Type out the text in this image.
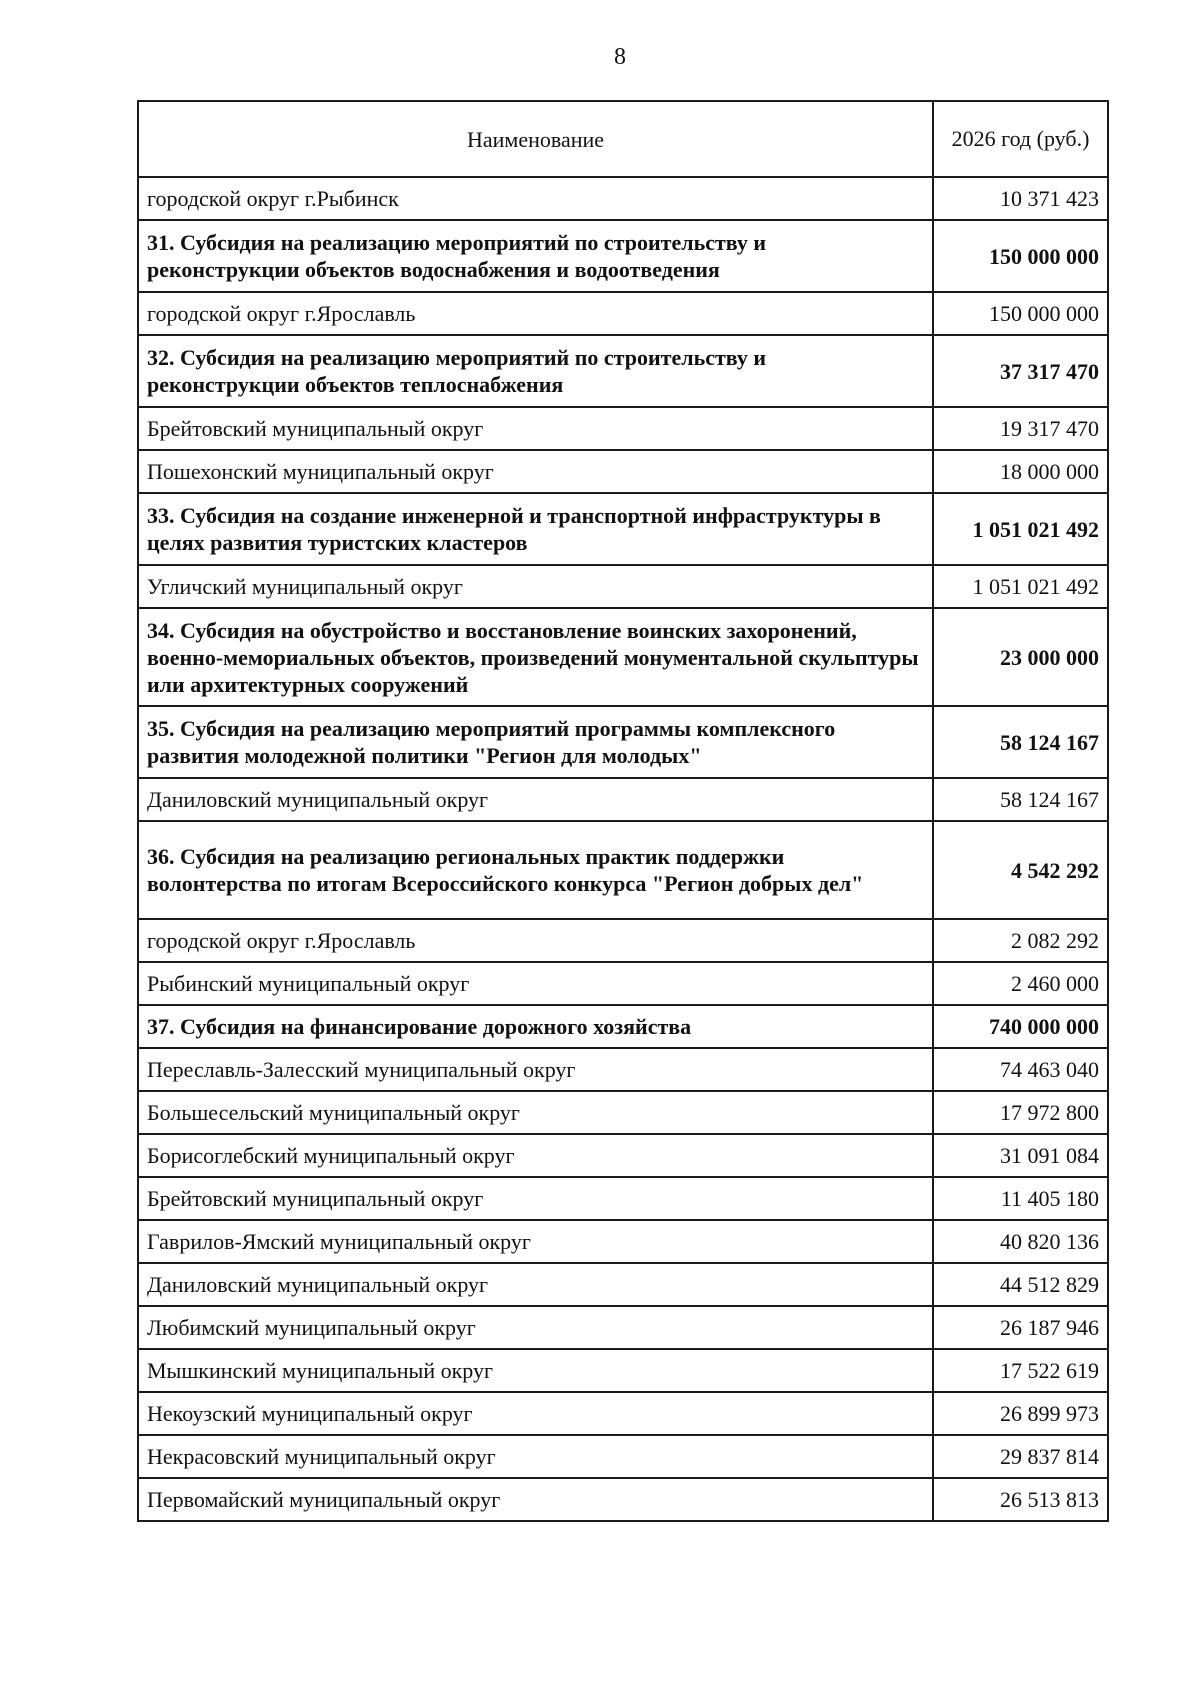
8
Наименование	2026 год (руб.)
городской округ г.Рыбинск	10 371 423
31. Субсидия на реализацию мероприятий по строительству и реконструкции объектов водоснабжения и водоотведения	150 000 000
городской округ г.Ярославль	150 000 000
32. Субсидия на реализацию мероприятий по строительству и реконструкции объектов теплоснабжения	37 317 470
Брейтовский муниципальный округ	19 317 470
Пошехонский муниципальный округ	18 000 000
33. Субсидия на создание инженерной и транспортной инфраструктуры в целях развития туристских кластеров	1 051 021 492
Угличский муниципальный округ	1 051 021 492
34. Субсидия на обустройство и восстановление воинских захоронений, военно-мемориальных объектов, произведений монументальной скульптуры или архитектурных сооружений	23 000 000
35. Субсидия на реализацию мероприятий программы комплексного развития молодежной политики "Регион для молодых"	58 124 167
Даниловский муниципальный округ	58 124 167
36. Субсидия на реализацию региональных практик поддержки волонтерства по итогам Всероссийского конкурса "Регион добрых дел"	4 542 292
городской округ г.Ярославль	2 082 292
Рыбинский муниципальный округ	2 460 000
37. Субсидия на финансирование дорожного хозяйства	740 000 000
Переславль-Залесский муниципальный округ	74 463 040
Большесельский муниципальный округ	17 972 800
Борисоглебский муниципальный округ	31 091 084
Брейтовский муниципальный округ	11 405 180
Гаврилов-Ямский муниципальный округ	40 820 136
Даниловский муниципальный округ	44 512 829
Любимский муниципальный округ	26 187 946
Мышкинский муниципальный округ	17 522 619
Некоузский муниципальный округ	26 899 973
Некрасовский муниципальный округ	29 837 814
Первомайский муниципальный округ	26 513 813
